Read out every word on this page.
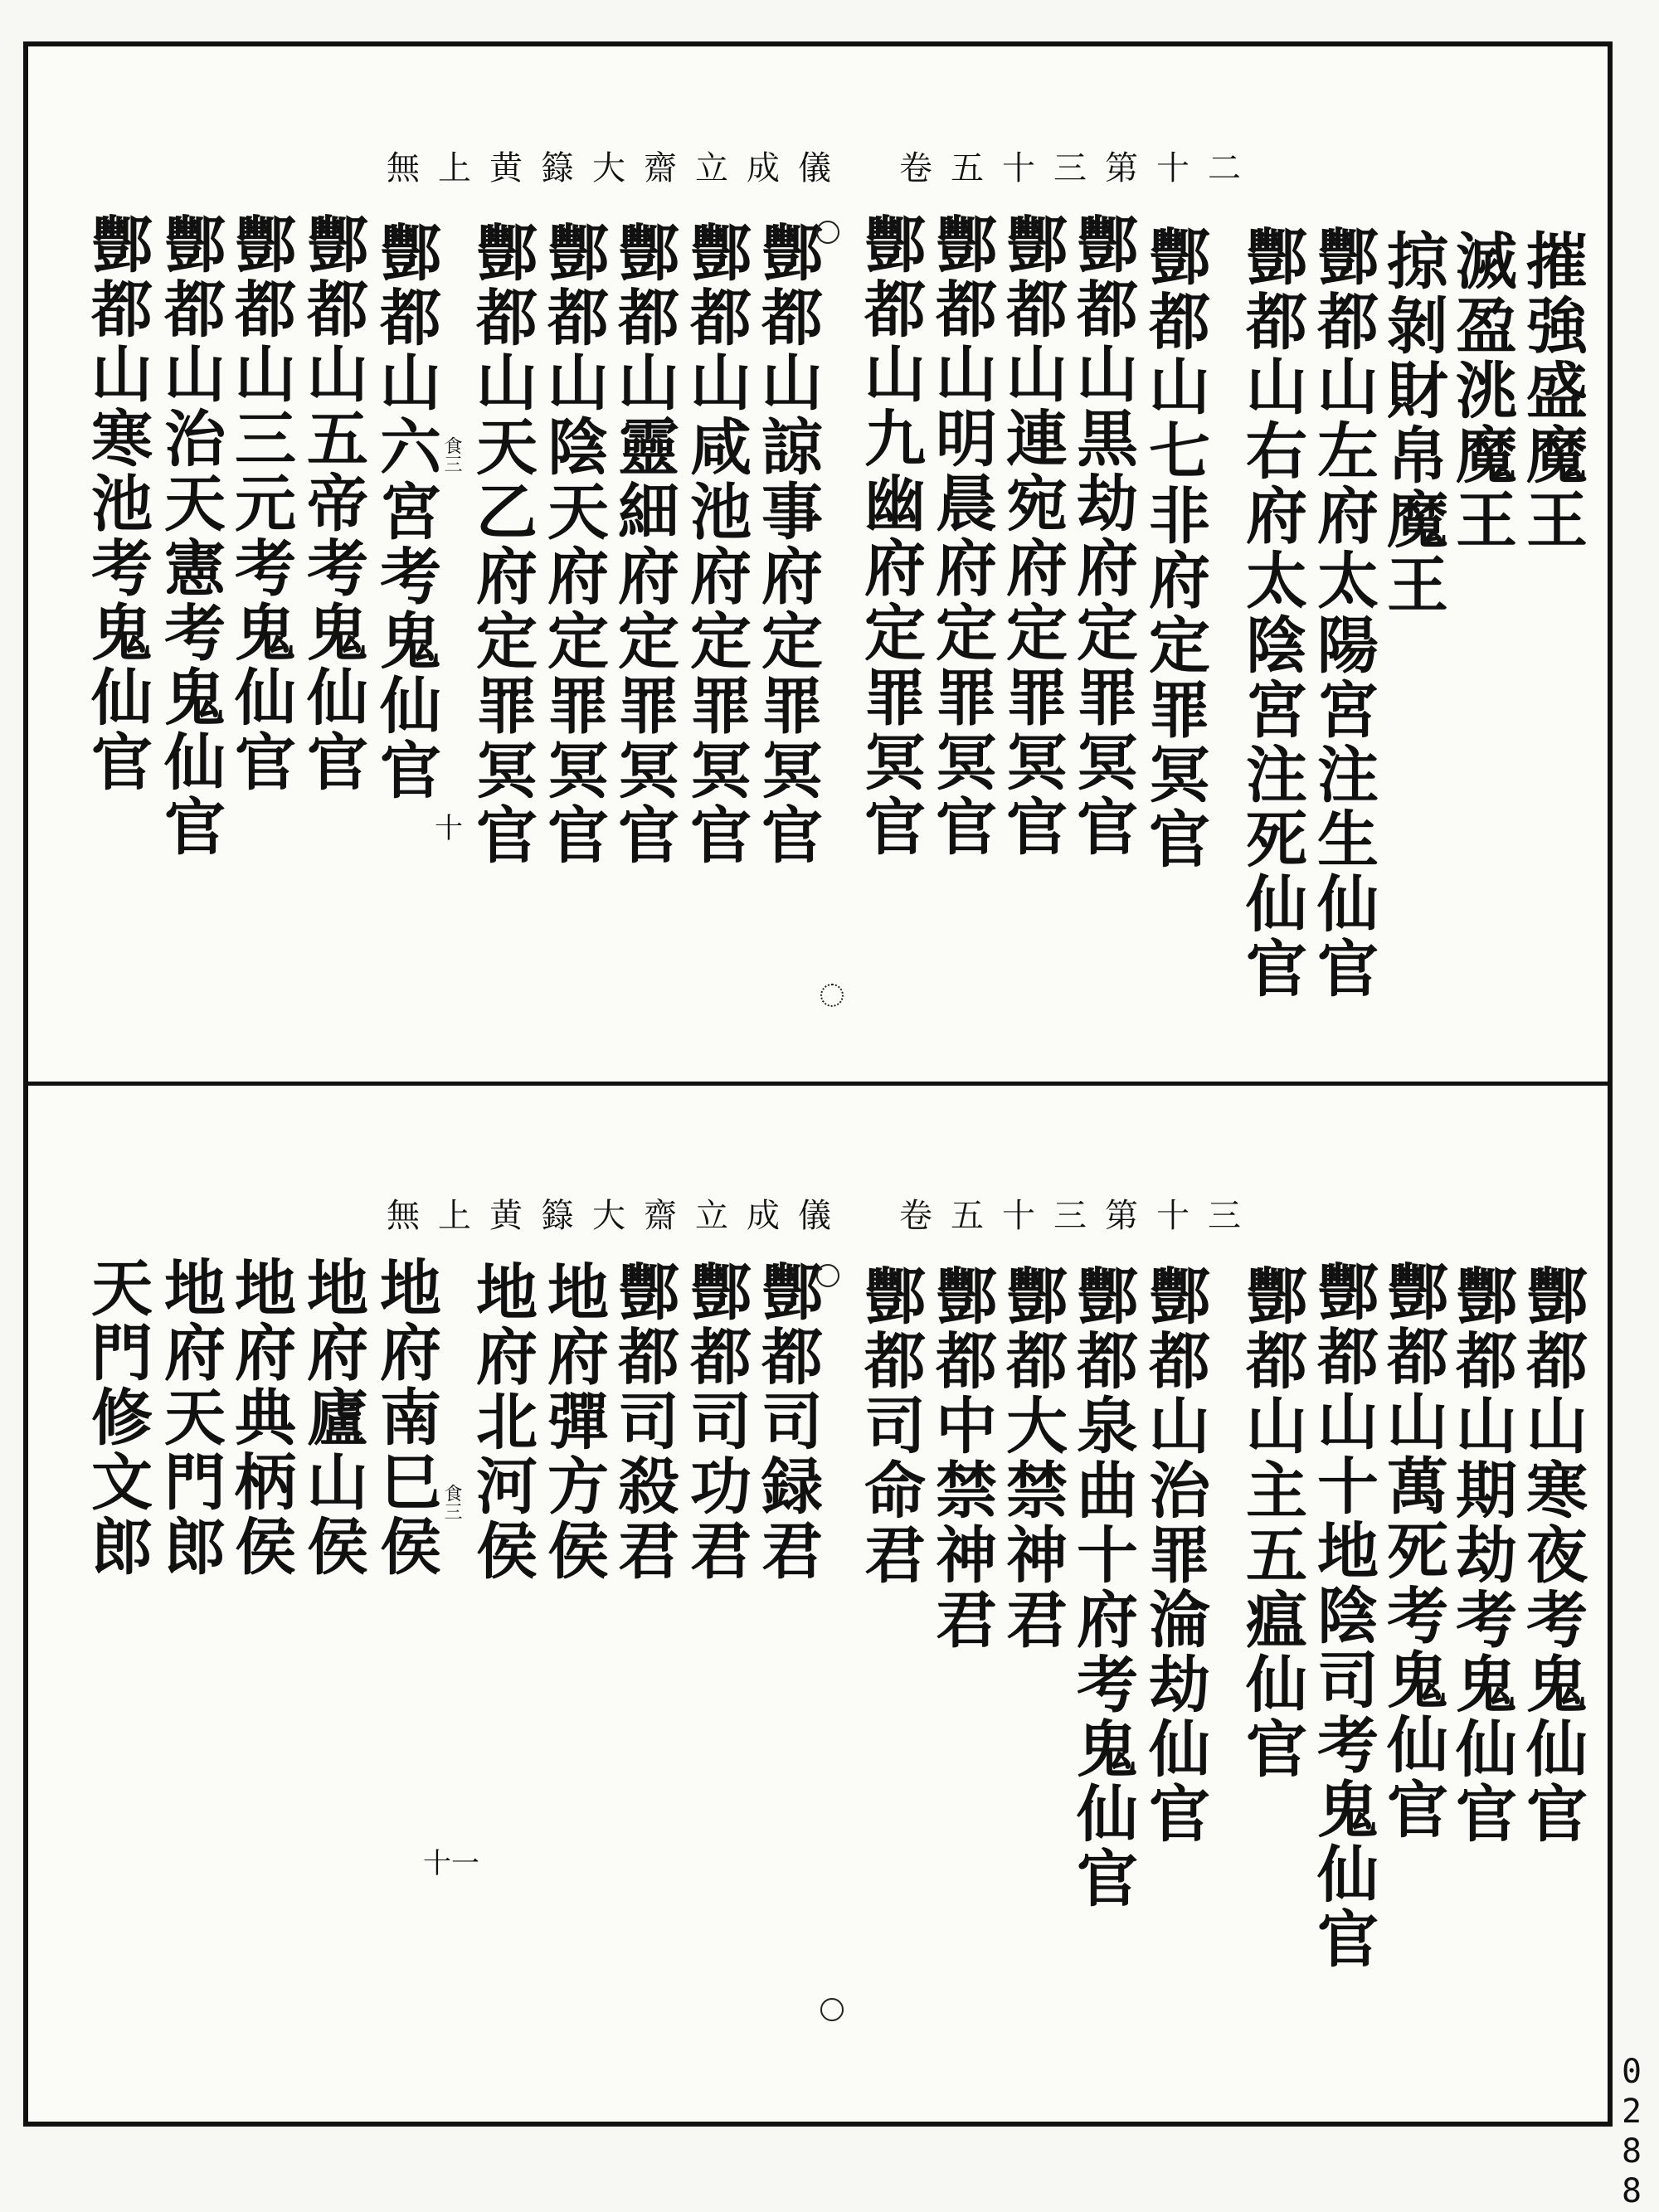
無上黄籙大齋立成儀 卷五十三第十二
摧強盛魔王
滅盈洮魔王
掠剝財帛魔王
酆都山左府太陽宮注生仙官
酆都山右府太陰宮注死仙官
酆都山七非府定罪冥官
酆都山黒劫府定罪冥官
酆都山連宛府定罪冥官
酆都山明晨府定罪冥官
酆都山九幽府定罪冥官
酆都山諒事府定罪冥官
酆都山咸池府定罪冥官
酆都山靈細府定罪冥官
酆都山陰天府定罪冥官
酆都山天乙府定罪冥官
酆都山六宮考鬼仙官
酆都山五帝考鬼仙官
酆都山三元考鬼仙官
酆都山治天憲考鬼仙官
酆都山寒池考鬼仙官	食三
十
無上黄籙大齋立成儀 卷五十三第十三
酆都山寒夜考鬼仙官
酆都山期劫考鬼仙官
酆都山萬死考鬼仙官
酆都山十地陰司考鬼仙官
酆都山主五瘟仙官
酆都山治罪淪劫仙官
酆都泉曲十府考鬼仙官
酆都大禁神君
酆都中禁神君
酆都司命君
酆都司録君
酆都司功君
酆都司殺君
地府彈方侯
地府北河侯
地府南巳侯
地府廬山侯
地府典柄侯
地府天門郎
天門修文郎	食三
十一
0288
